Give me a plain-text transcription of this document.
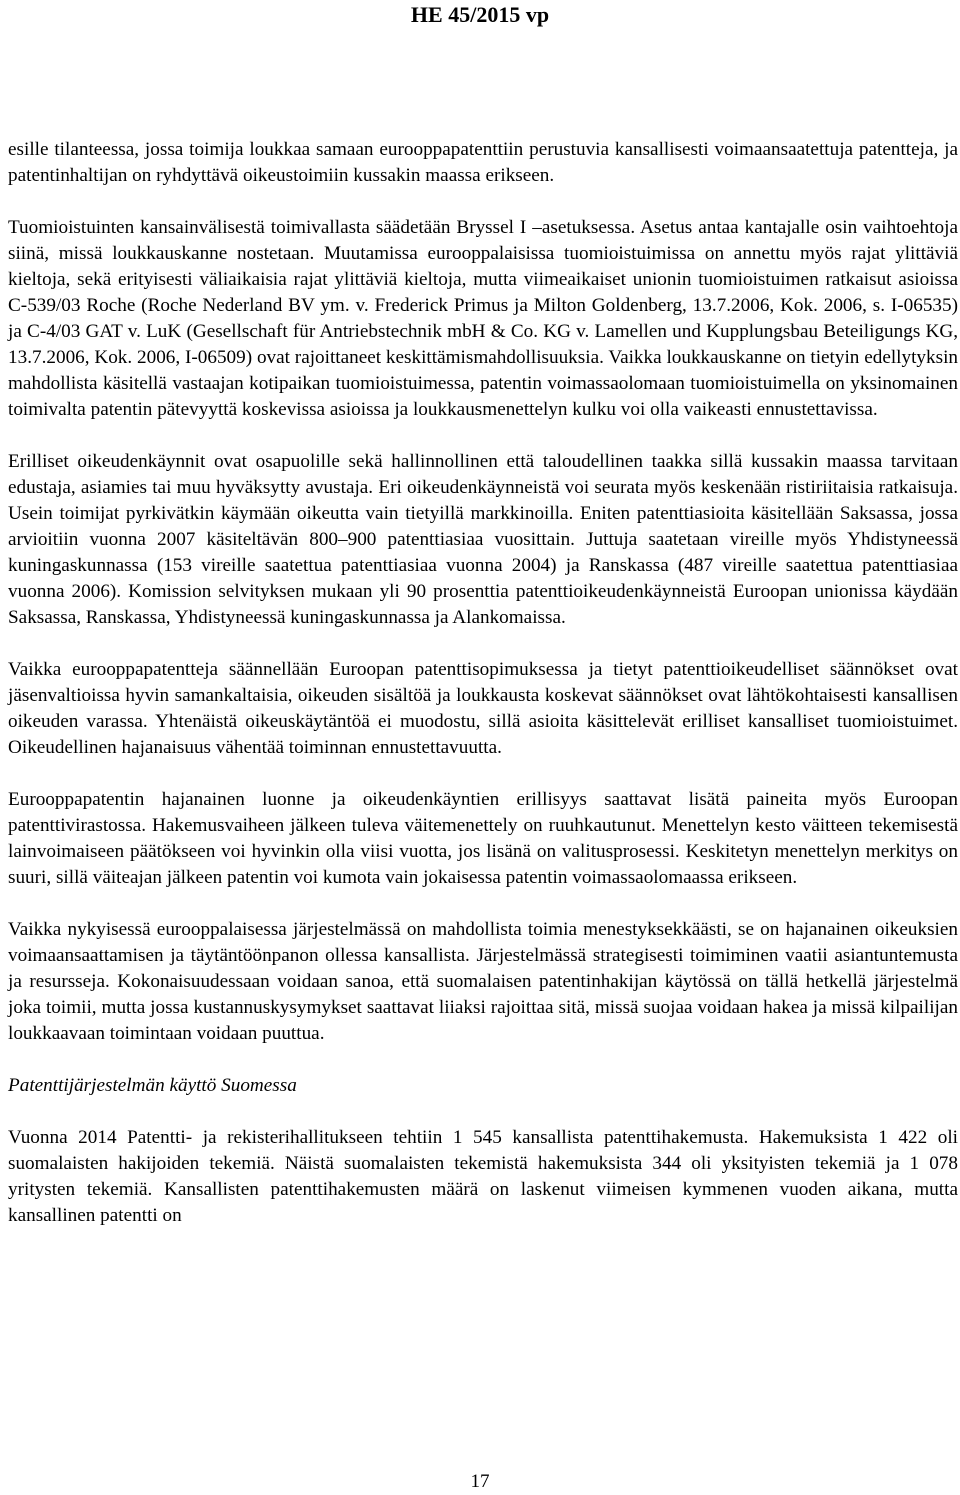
HE 45/2015 vp

esille tilanteessa, jossa toimija loukkaa samaan eurooppapatenttiin perustuvia kansallisesti voimaansaatettuja patentteja, ja patentinhaltijan on ryhdyttävä oikeustoimiin kussakin maassa erikseen.

Tuomioistuinten kansainvälisestä toimivallasta säädetään Bryssel I –asetuksessa. Asetus antaa kantajalle osin vaihtoehtoja siinä, missä loukkauskanne nostetaan. Muutamissa eurooppalaisissa tuomioistuimissa on annettu myös rajat ylittäviä kieltoja, sekä erityisesti väliaikaisia rajat ylittäviä kieltoja, mutta viimeaikaiset unionin tuomioistuimen ratkaisut asioissa C-539/03 Roche (Roche Nederland BV ym. v. Frederick Primus ja Milton Goldenberg, 13.7.2006, Kok. 2006, s. I-06535) ja C-4/03 GAT v. LuK (Gesellschaft für Antriebstechnik mbH & Co. KG v. Lamellen und Kupplungsbau Beteiligungs KG, 13.7.2006, Kok. 2006, I-06509) ovat rajoittaneet keskittämismahdollisuuksia. Vaikka loukkauskanne on tietyin edellytyksin mahdollista käsitellä vastaajan kotipaikan tuomioistuimessa, patentin voimassaolomaan tuomioistuimella on yksinomainen toimivalta patentin pätevyyttä koskevissa asioissa ja loukkausmenettelyn kulku voi olla vaikeasti ennustettavissa.

Erilliset oikeudenkäynnit ovat osapuolille sekä hallinnollinen että taloudellinen taakka sillä kussakin maassa tarvitaan edustaja, asiamies tai muu hyväksytty avustaja. Eri oikeudenkäynneistä voi seurata myös keskenään ristiriitaisia ratkaisuja. Usein toimijat pyrkivätkin käymään oikeutta vain tietyillä markkinoilla. Eniten patenttiasioita käsitellään Saksassa, jossa arvioitiin vuonna 2007 käsiteltävän 800–900 patenttiasiaa vuosittain. Juttuja saatetaan vireille myös Yhdistyneessä kuningaskunnassa (153 vireille saatettua patenttiasiaa vuonna 2004) ja Ranskassa (487 vireille saatettua patenttiasiaa vuonna 2006). Komission selvityksen mukaan yli 90 prosenttia patenttioikeudenkäynneistä Euroopan unionissa käydään Saksassa, Ranskassa, Yhdistyneessä kuningaskunnassa ja Alankomaissa.

Vaikka eurooppapatentteja säännellään Euroopan patenttisopimuksessa ja tietyt patenttioikeudelliset säännökset ovat jäsenvaltioissa hyvin samankaltaisia, oikeuden sisältöä ja loukkausta koskevat säännökset ovat lähtökohtaisesti kansallisen oikeuden varassa. Yhtenäistä oikeuskäytäntöä ei muodostu, sillä asioita käsittelevät erilliset kansalliset tuomioistuimet. Oikeudellinen hajanaisuus vähentää toiminnan ennustettavuutta.

Eurooppapatentin hajanainen luonne ja oikeudenkäyntien erillisyys saattavat lisätä paineita myös Euroopan patenttivirastossa. Hakemusvaiheen jälkeen tuleva väitemenettely on ruuhkautunut. Menettelyn kesto väitteen tekemisestä lainvoimaiseen päätökseen voi hyvinkin olla viisi vuotta, jos lisänä on valitusprosessi. Keskitetyn menettelyn merkitys on suuri, sillä väiteajan jälkeen patentin voi kumota vain jokaisessa patentin voimassaolomaassa erikseen.

Vaikka nykyisessä eurooppalaisessa järjestelmässä on mahdollista toimia menestyksekkäästi, se on hajanainen oikeuksien voimaansaattamisen ja täytäntöönpanon ollessa kansallista. Järjestelmässä strategisesti toimiminen vaatii asiantuntemusta ja resursseja. Kokonaisuudessaan voidaan sanoa, että suomalaisen patentinhakijan käytössä on tällä hetkellä järjestelmä joka toimii, mutta jossa kustannuskysymykset saattavat liiaksi rajoittaa sitä, missä suojaa voidaan hakea ja missä kilpailijan loukkaavaan toimintaan voidaan puuttua.

Patenttijärjestelmän käyttö Suomessa

Vuonna 2014 Patentti- ja rekisterihallitukseen tehtiin 1 545 kansallista patenttihakemusta. Hakemuksista 1 422 oli suomalaisten hakijoiden tekemiä. Näistä suomalaisten tekemistä hakemuksista 344 oli yksityisten tekemiä ja 1 078 yritysten tekemiä. Kansallisten patenttihakemusten määrä on laskenut viimeisen kymmenen vuoden aikana, mutta kansallinen patentti on

17
